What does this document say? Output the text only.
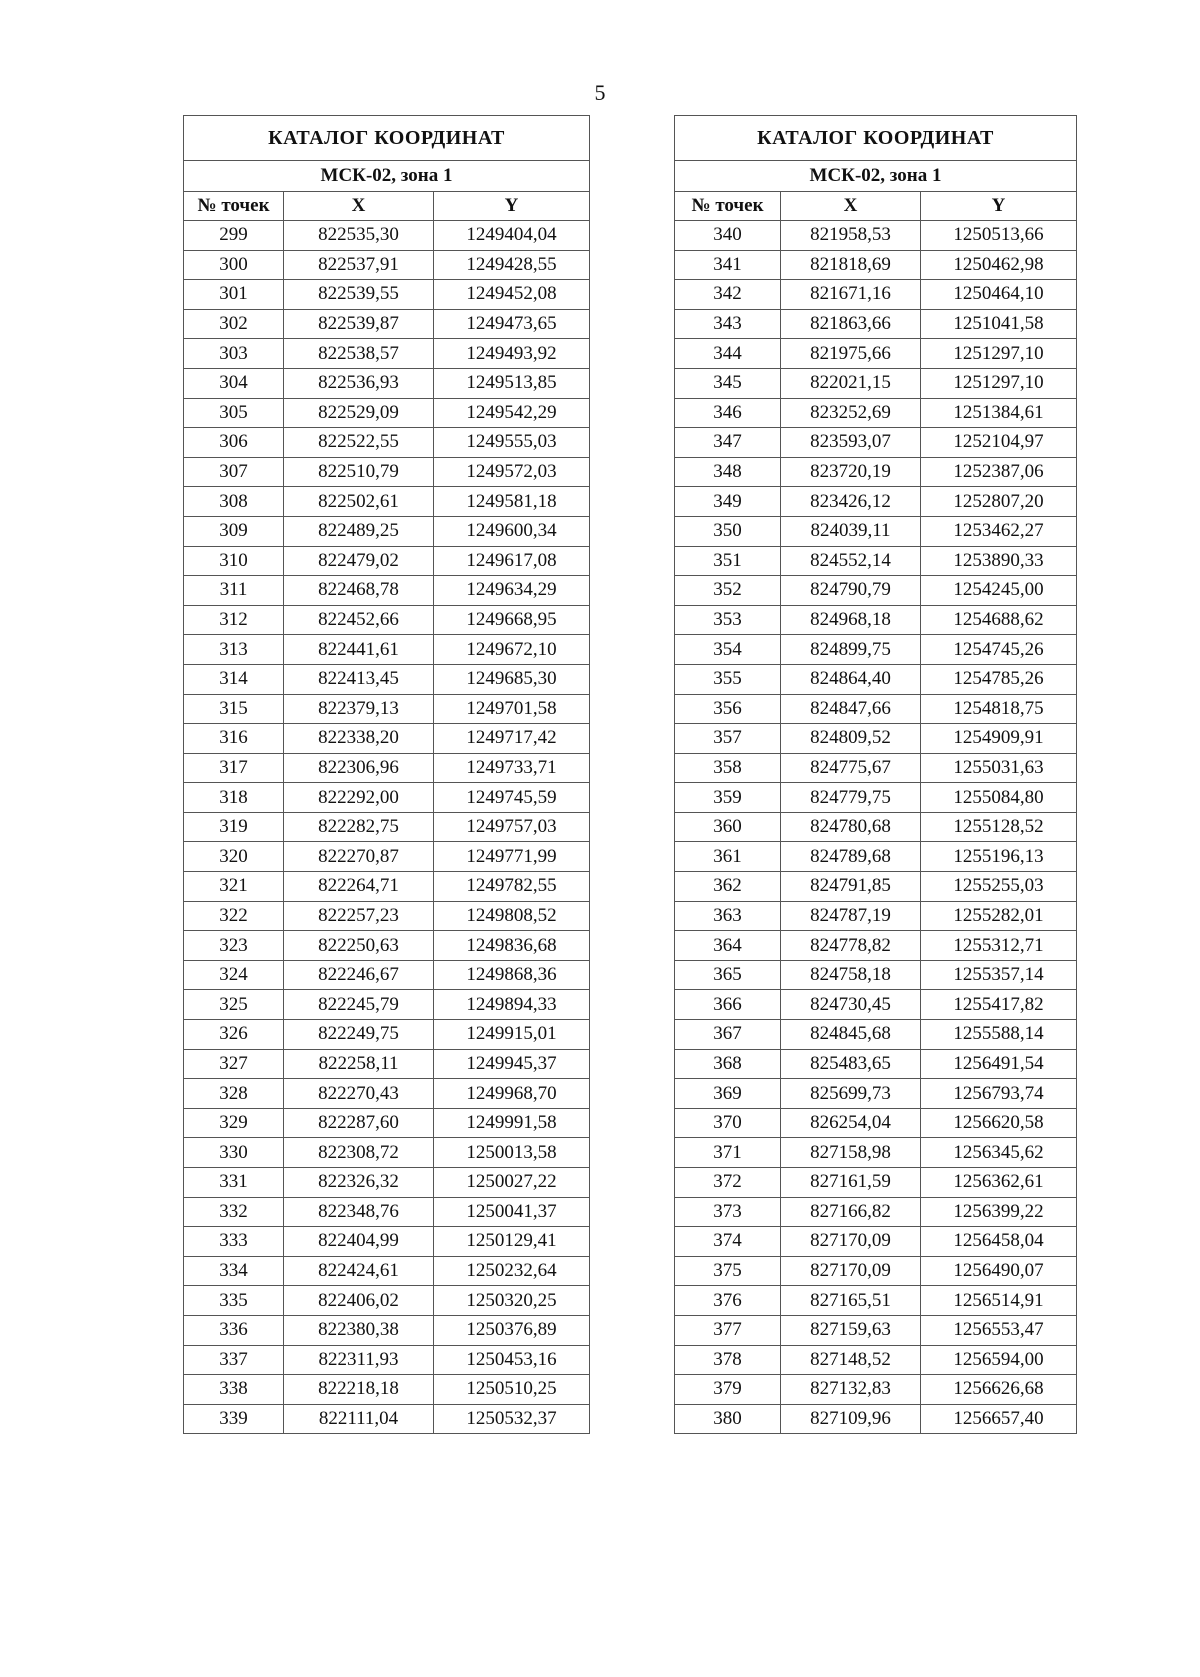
5
КАТАЛОГ КООРДИНАТ		
МСК-02, зона 1		
№ точек	X	Y
299	822535,30	1249404,04
300	822537,91	1249428,55
301	822539,55	1249452,08
302	822539,87	1249473,65
303	822538,57	1249493,92
304	822536,93	1249513,85
305	822529,09	1249542,29
306	822522,55	1249555,03
307	822510,79	1249572,03
308	822502,61	1249581,18
309	822489,25	1249600,34
310	822479,02	1249617,08
311	822468,78	1249634,29
312	822452,66	1249668,95
313	822441,61	1249672,10
314	822413,45	1249685,30
315	822379,13	1249701,58
316	822338,20	1249717,42
317	822306,96	1249733,71
318	822292,00	1249745,59
319	822282,75	1249757,03
320	822270,87	1249771,99
321	822264,71	1249782,55
322	822257,23	1249808,52
323	822250,63	1249836,68
324	822246,67	1249868,36
325	822245,79	1249894,33
326	822249,75	1249915,01
327	822258,11	1249945,37
328	822270,43	1249968,70
329	822287,60	1249991,58
330	822308,72	1250013,58
331	822326,32	1250027,22
332	822348,76	1250041,37
333	822404,99	1250129,41
334	822424,61	1250232,64
335	822406,02	1250320,25
336	822380,38	1250376,89
337	822311,93	1250453,16
338	822218,18	1250510,25
339	822111,04	1250532,37
КАТАЛОГ КООРДИНАТ		
МСК-02, зона 1		
№ точек	X	Y
340	821958,53	1250513,66
341	821818,69	1250462,98
342	821671,16	1250464,10
343	821863,66	1251041,58
344	821975,66	1251297,10
345	822021,15	1251297,10
346	823252,69	1251384,61
347	823593,07	1252104,97
348	823720,19	1252387,06
349	823426,12	1252807,20
350	824039,11	1253462,27
351	824552,14	1253890,33
352	824790,79	1254245,00
353	824968,18	1254688,62
354	824899,75	1254745,26
355	824864,40	1254785,26
356	824847,66	1254818,75
357	824809,52	1254909,91
358	824775,67	1255031,63
359	824779,75	1255084,80
360	824780,68	1255128,52
361	824789,68	1255196,13
362	824791,85	1255255,03
363	824787,19	1255282,01
364	824778,82	1255312,71
365	824758,18	1255357,14
366	824730,45	1255417,82
367	824845,68	1255588,14
368	825483,65	1256491,54
369	825699,73	1256793,74
370	826254,04	1256620,58
371	827158,98	1256345,62
372	827161,59	1256362,61
373	827166,82	1256399,22
374	827170,09	1256458,04
375	827170,09	1256490,07
376	827165,51	1256514,91
377	827159,63	1256553,47
378	827148,52	1256594,00
379	827132,83	1256626,68
380	827109,96	1256657,40
